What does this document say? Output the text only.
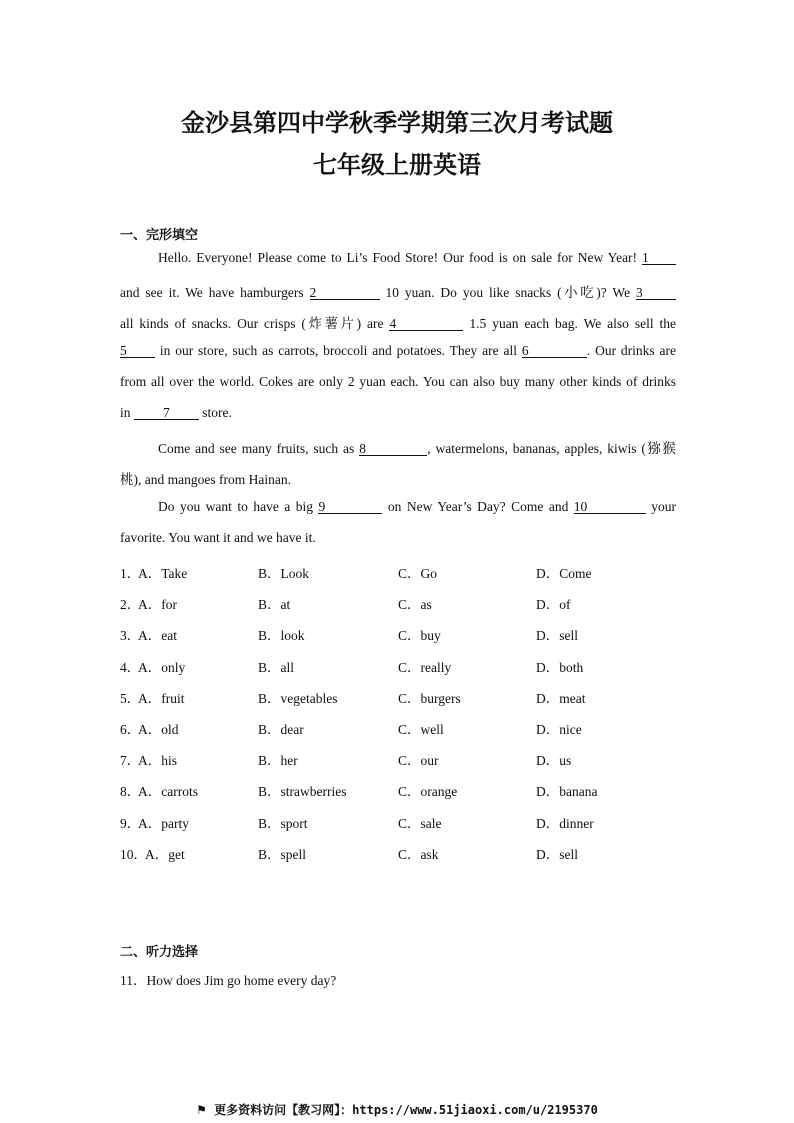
金沙县第四中学秋季学期第三次月考试题
七年级上册英语
一、完形填空
Hello. Everyone! Please come to Li’s Food Store! Our food is on sale for New Year! 1
and see it. We have hamburgers 2	10 yuan. Do you like snacks (小吃)? We 3
all kinds of snacks. Our crisps (炸薯片) are 4	1.5 yuan each bag. We also sell the
5 in our store, such as carrots, broccoli and potatoes. They are all 6	. Our drinks are
from all over the world. Cokes are only 2 yuan each. You can also buy many other kinds of drinks
in 7 store.
Come and see many fruits, such as 8	, watermelons, bananas, apples, kiwis (猕猴
桃), and mangoes from Hainan.
Do you want to have a big 9	on New Year’s Day? Come and 10	your
favorite. You want it and we have it.
1．
A．Take	B．Look	C．Go	D．Come
2．
A．for	B．at	C．as	D．of
3．
A．eat	B．look	C．buy	D．sell
4．
A．only	B．all	C．really	D．both
5．
A．fruit	B．vegetables	C．burgers	D．meat
6．
A．old	B．dear	C．well	D．nice
7．
A．his	B．her	C．our	D．us
8．
A．carrots	B．strawberries	C．orange	D．banana
9．
A．party	B．sport	C．sale	D．dinner
10．
A．get	B．spell	C．ask	D．sell
二、听力选择
11．How does Jim go home every day?
⚑ 更多资料访问【教习网】：https://www.51jiaoxi.com/u/2195370
